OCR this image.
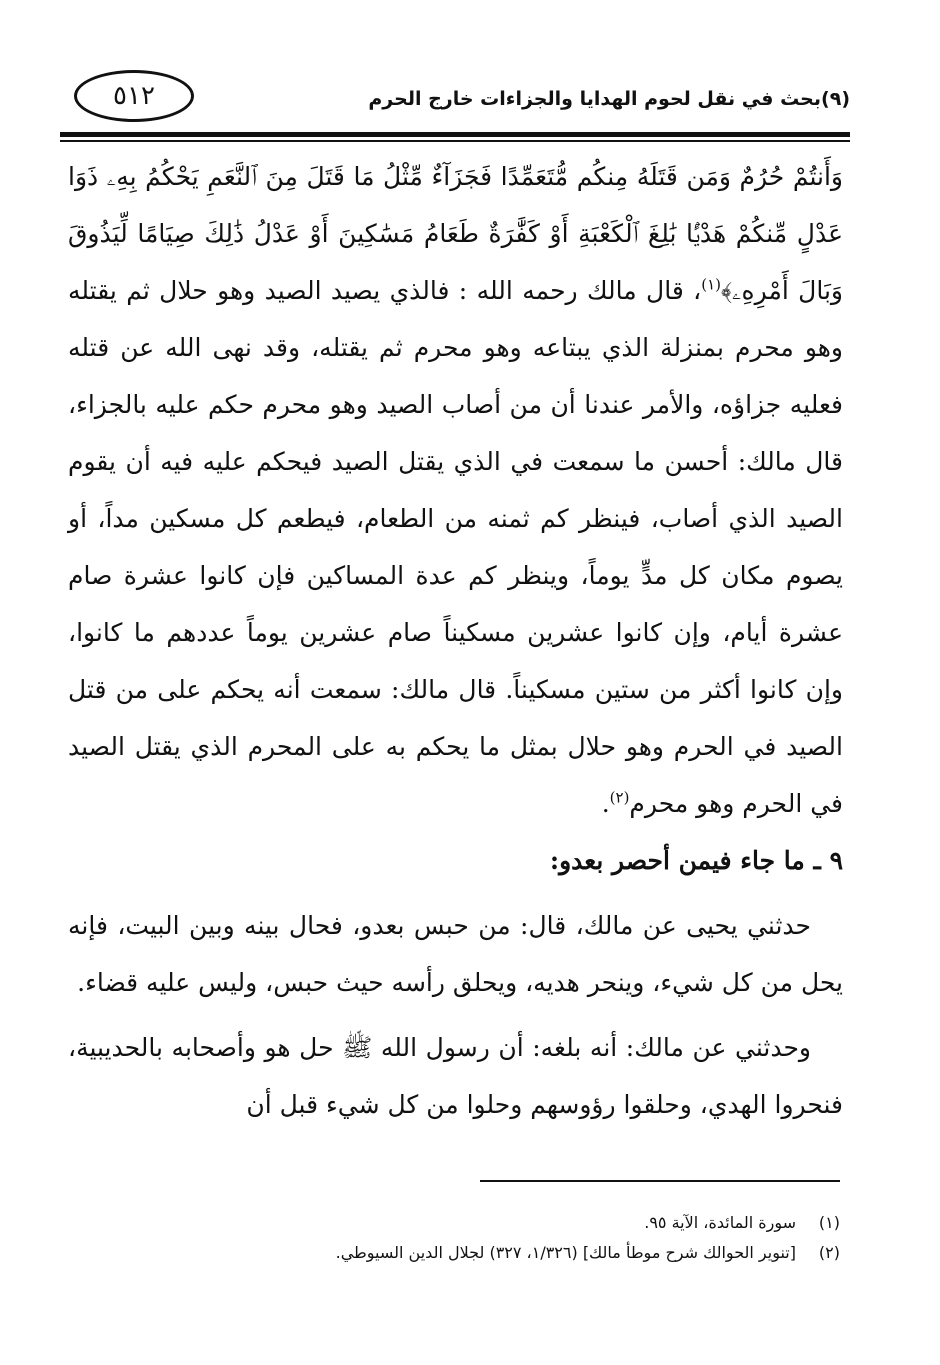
(٩)بحث في نقل لحوم الهدايا والجزاءات خارج الحرم
٥١٢

وَأَنتُمْ حُرُمٌ وَمَن قَتَلَهُ مِنكُم مُّتَعَمِّدًا فَجَزَآءٌ مِّثْلُ مَا قَتَلَ مِنَ ٱلنَّعَمِ يَحْكُمُ بِهِۦ ذَوَا عَدْلٍ مِّنكُمْ هَدْيًۢا بَٰلِغَ ٱلْكَعْبَةِ أَوْ كَفَّٰرَةٌ طَعَامُ مَسَٰكِينَ أَوْ عَدْلُ ذَٰلِكَ صِيَامًا لِّيَذُوقَ وَبَالَ أَمْرِهِۦ﴾$^{(١)}$، قال مالك رحمه الله : فالذي يصيد الصيد وهو حلال ثم يقتله وهو محرم بمنزلة الذي يبتاعه وهو محرم ثم يقتله، وقد نهى الله عن قتله فعليه جزاؤه، والأمر عندنا أن من أصاب الصيد وهو محرم حكم عليه بالجزاء، قال مالك: أحسن ما سمعت في الذي يقتل الصيد فيحكم عليه فيه أن يقوم الصيد الذي أصاب، فينظر كم ثمنه من الطعام، فيطعم كل مسكين مداً، أو يصوم مكان كل مدٍّ يوماً، وينظر كم عدة المساكين فإن كانوا عشرة صام عشرة أيام، وإن كانوا عشرين مسكيناً صام عشرين يوماً عددهم ما كانوا، وإن كانوا أكثر من ستين مسكيناً. قال مالك: سمعت أنه يحكم على من قتل الصيد في الحرم وهو حلال بمثل ما يحكم به على المحرم الذي يقتل الصيد في الحرم وهو محرم$^{(٢)}$.

٩ ـ ما جاء فيمن أحصر بعدو:

حدثني يحيى عن مالك، قال: من حبس بعدو، فحال بينه وبين البيت، فإنه يحل من كل شيء، وينحر هديه، ويحلق رأسه حيث حبس، وليس عليه قضاء.

وحدثني عن مالك: أنه بلغه: أن رسول الله ﷺ حل هو وأصحابه بالحديبية، فنحروا الهدي، وحلقوا رؤوسهم وحلوا من كل شيء قبل أن

(١)
سورة المائدة، الآية ٩٥.
(٢)
[تنوير الحوالك شرح موطأ مالك] (١/٣٢٦، ٣٢٧) لجلال الدين السيوطي.
